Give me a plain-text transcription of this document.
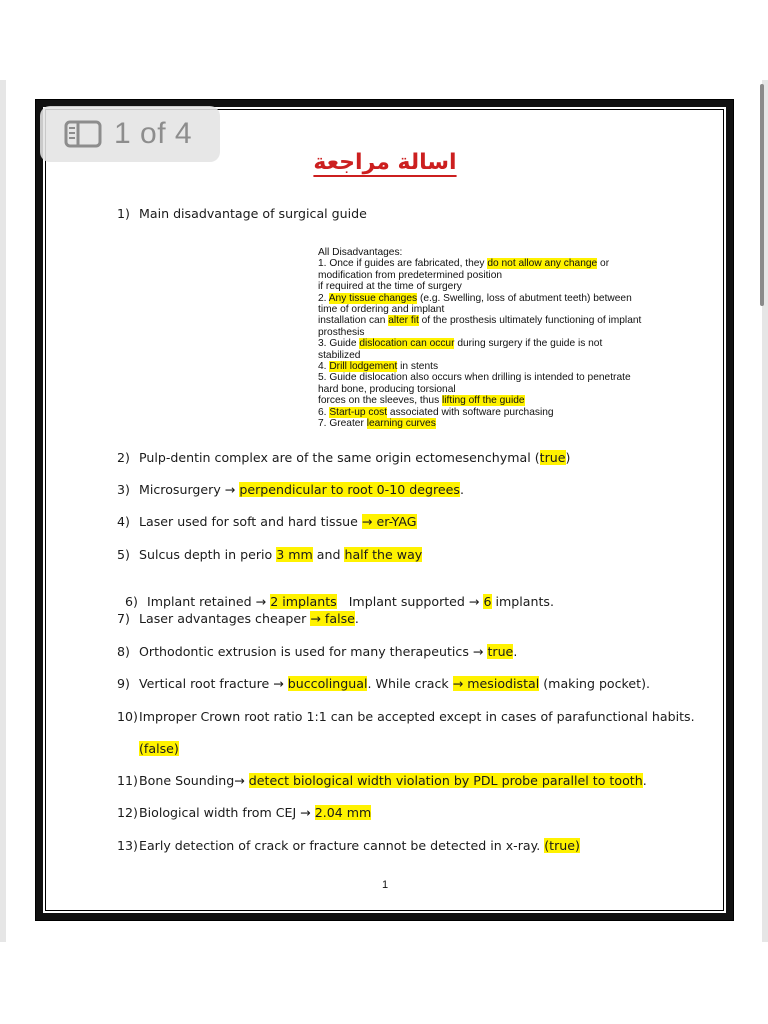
1 of 4
اسالة مراجعة
1) Main disadvantage of surgical guide
All Disadvantages:
1. Once if guides are fabricated, they do not allow any change or
modification from predetermined position
if required at the time of surgery
2. Any tissue changes (e.g. Swelling, loss of abutment teeth) between
time of ordering and implant
installation can alter fit of the prosthesis ultimately functioning of implant
prosthesis
3. Guide dislocation can occur during surgery if the guide is not
stabilized
4. Drill lodgement in stents
5. Guide dislocation also occurs when drilling is intended to penetrate
hard bone, producing torsional
forces on the sleeves, thus lifting off the guide
6. Start-up cost associated with software purchasing
7. Greater learning curves
2) Pulp-dentin complex are of the same origin ectomesenchymal (true)
3) Microsurgery → perpendicular to root 0-10 degrees.
4) Laser used for soft and hard tissue → er-YAG
5) Sulcus depth in perio 3 mm and half the way

6) Implant retained → 2 implants   Implant supported → 6 implants.

7) Laser advantages cheaper → false.
8) Orthodontic extrusion is used for many therapeutics → true.
9) Vertical root fracture → buccolingual. While crack → mesiodistal (making pocket).
10)Improper Crown root ratio 1:1 can be accepted except in cases of parafunctional habits.
(false)
11)Bone Sounding→ detect biological width violation by PDL probe parallel to tooth.
12)Biological width from CEJ → 2.04 mm
13)Early detection of crack or fracture cannot be detected in x-ray. (true)
1
